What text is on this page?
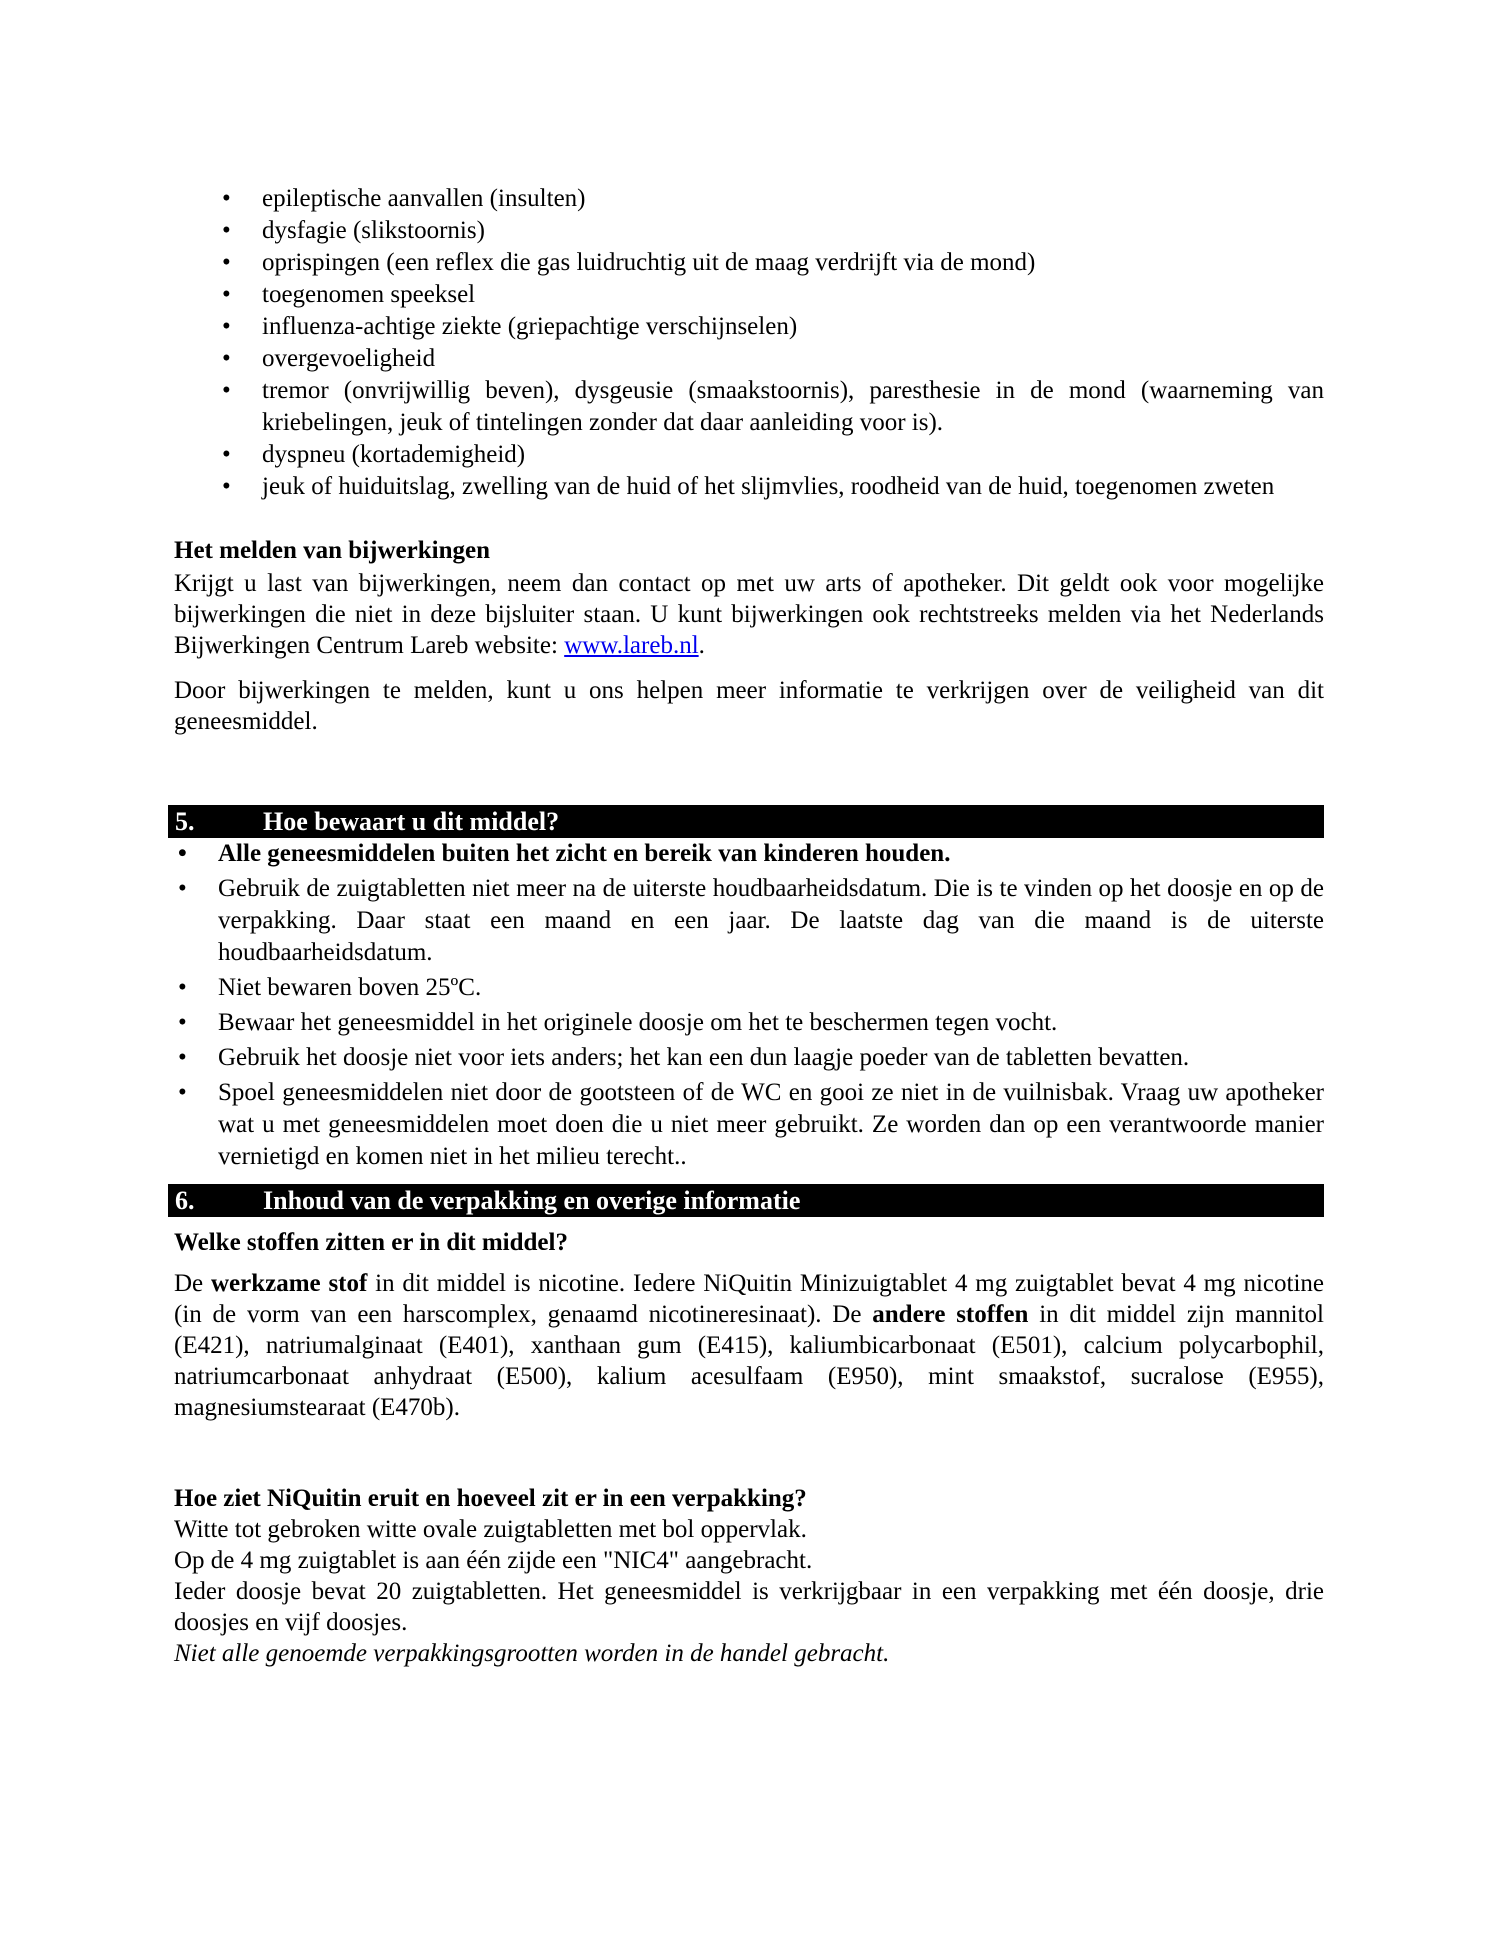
• epileptische aanvallen (insulten)
• dysfagie (slikstoornis)
• oprispingen (een reflex die gas luidruchtig uit de maag verdrijft via de mond)
• toegenomen speeksel
• influenza-achtige ziekte (griepachtige verschijnselen)
• overgevoeligheid
• tremor (onvrijwillig beven), dysgeusie (smaakstoornis), paresthesie in de mond (waarneming van kriebelingen, jeuk of tintelingen zonder dat daar aanleiding voor is).
• dyspneu (kortademigheid)
• jeuk of huiduitslag, zwelling van de huid of het slijmvlies, roodheid van de huid, toegenomen zweten
Het melden van bijwerkingen

Krijgt u last van bijwerkingen, neem dan contact op met uw arts of apotheker. Dit geldt ook voor mogelijke bijwerkingen die niet in deze bijsluiter staan. U kunt bijwerkingen ook rechtstreeks melden via het Nederlands Bijwerkingen Centrum Lareb website: www.lareb.nl.

Door bijwerkingen te melden, kunt u ons helpen meer informatie te verkrijgen over de veiligheid van dit geneesmiddel.

5.	Hoe bewaart u dit middel?
• Alle geneesmiddelen buiten het zicht en bereik van kinderen houden.
• Gebruik de zuigtabletten niet meer na de uiterste houdbaarheidsdatum. Die is te vinden op het doosje en op de verpakking. Daar staat een maand en een jaar. De laatste dag van die maand is de uiterste houdbaarheidsdatum.
• Niet bewaren boven 25ºC.
• Bewaar het geneesmiddel in het originele doosje om het te beschermen tegen vocht.
• Gebruik het doosje niet voor iets anders; het kan een dun laagje poeder van de tabletten bevatten.
• Spoel geneesmiddelen niet door de gootsteen of de WC en gooi ze niet in de vuilnisbak. Vraag uw apotheker wat u met geneesmiddelen moet doen die u niet meer gebruikt. Ze worden dan op een verantwoorde manier vernietigd en komen niet in het milieu terecht..
6.	Inhoud van de verpakking en overige informatie
Welke stoffen zitten er in dit middel?

De werkzame stof in dit middel is nicotine. Iedere NiQuitin Minizuigtablet 4 mg zuigtablet bevat 4 mg nicotine (in de vorm van een harscomplex, genaamd nicotineresinaat). De andere stoffen in dit middel zijn mannitol (E421), natriumalginaat (E401), xanthaan gum (E415), kaliumbicarbonaat (E501), calcium polycarbophil, natriumcarbonaat anhydraat (E500), kalium acesulfaam (E950), mint smaakstof, sucralose (E955), magnesiumstearaat (E470b).

Hoe ziet NiQuitin eruit en hoeveel zit er in een verpakking?
Witte tot gebroken witte ovale zuigtabletten met bol oppervlak.
Op de 4 mg zuigtablet is aan één zijde een "NIC4" aangebracht.
Ieder doosje bevat 20 zuigtabletten. Het geneesmiddel is verkrijgbaar in een verpakking met één doosje, drie doosjes en vijf doosjes.
Niet alle genoemde verpakkingsgrootten worden in de handel gebracht.
